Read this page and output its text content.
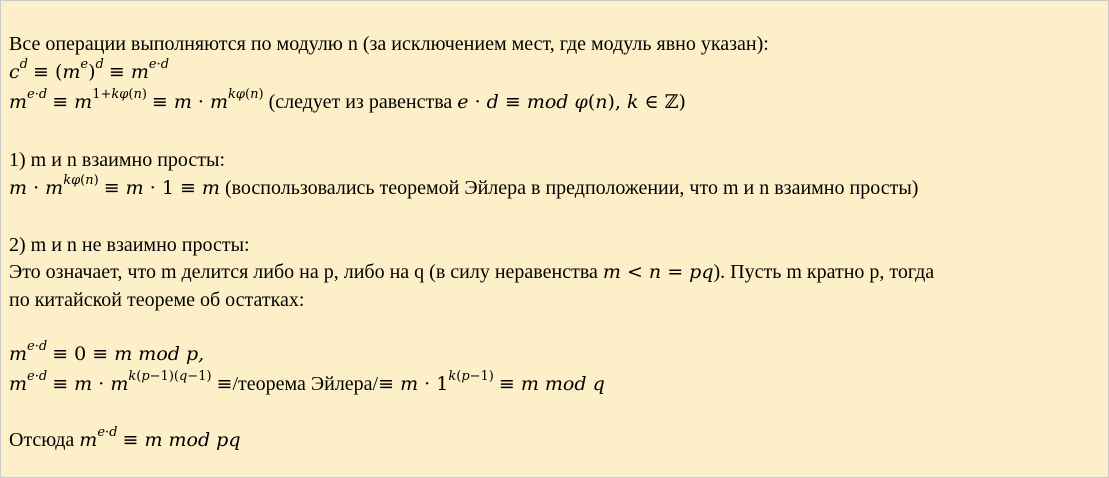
Все операции выполняются по модулю n (за исключением мест, где модуль явно указан):
$c^d \equiv (m^e)^d \equiv m^{e\cdot d}$
$m^{e\cdot d} \equiv m^{1+k\varphi(n)} \equiv m \cdot m^{k\varphi(n)}$ (следует из равенства e · d ≡ mod φ(n), k ∈ ℤ)
1) m и n взаимно просты:
$m \cdot m^{k\varphi(n)} \equiv m \cdot 1 \equiv m$ (воспользовались теоремой Эйлера в предположении, что m и n взаимно просты)
2) m и n не взаимно просты:
Это означает, что m делится либо на p, либо на q (в силу неравенства m < n = pq). Пусть m кратно p, тогда
по китайской теореме об остатках:
$m^{e\cdot d} \equiv 0 \equiv m$ mod p,
$m^{e\cdot d} \equiv m \cdot m^{k(p-1)(q-1)}$ ≡/теорема Эйлера/≡ $m \cdot 1^{k(p-1)} \equiv m$ mod q
Отсюда $m^{e\cdot d} \equiv m$ mod pq
